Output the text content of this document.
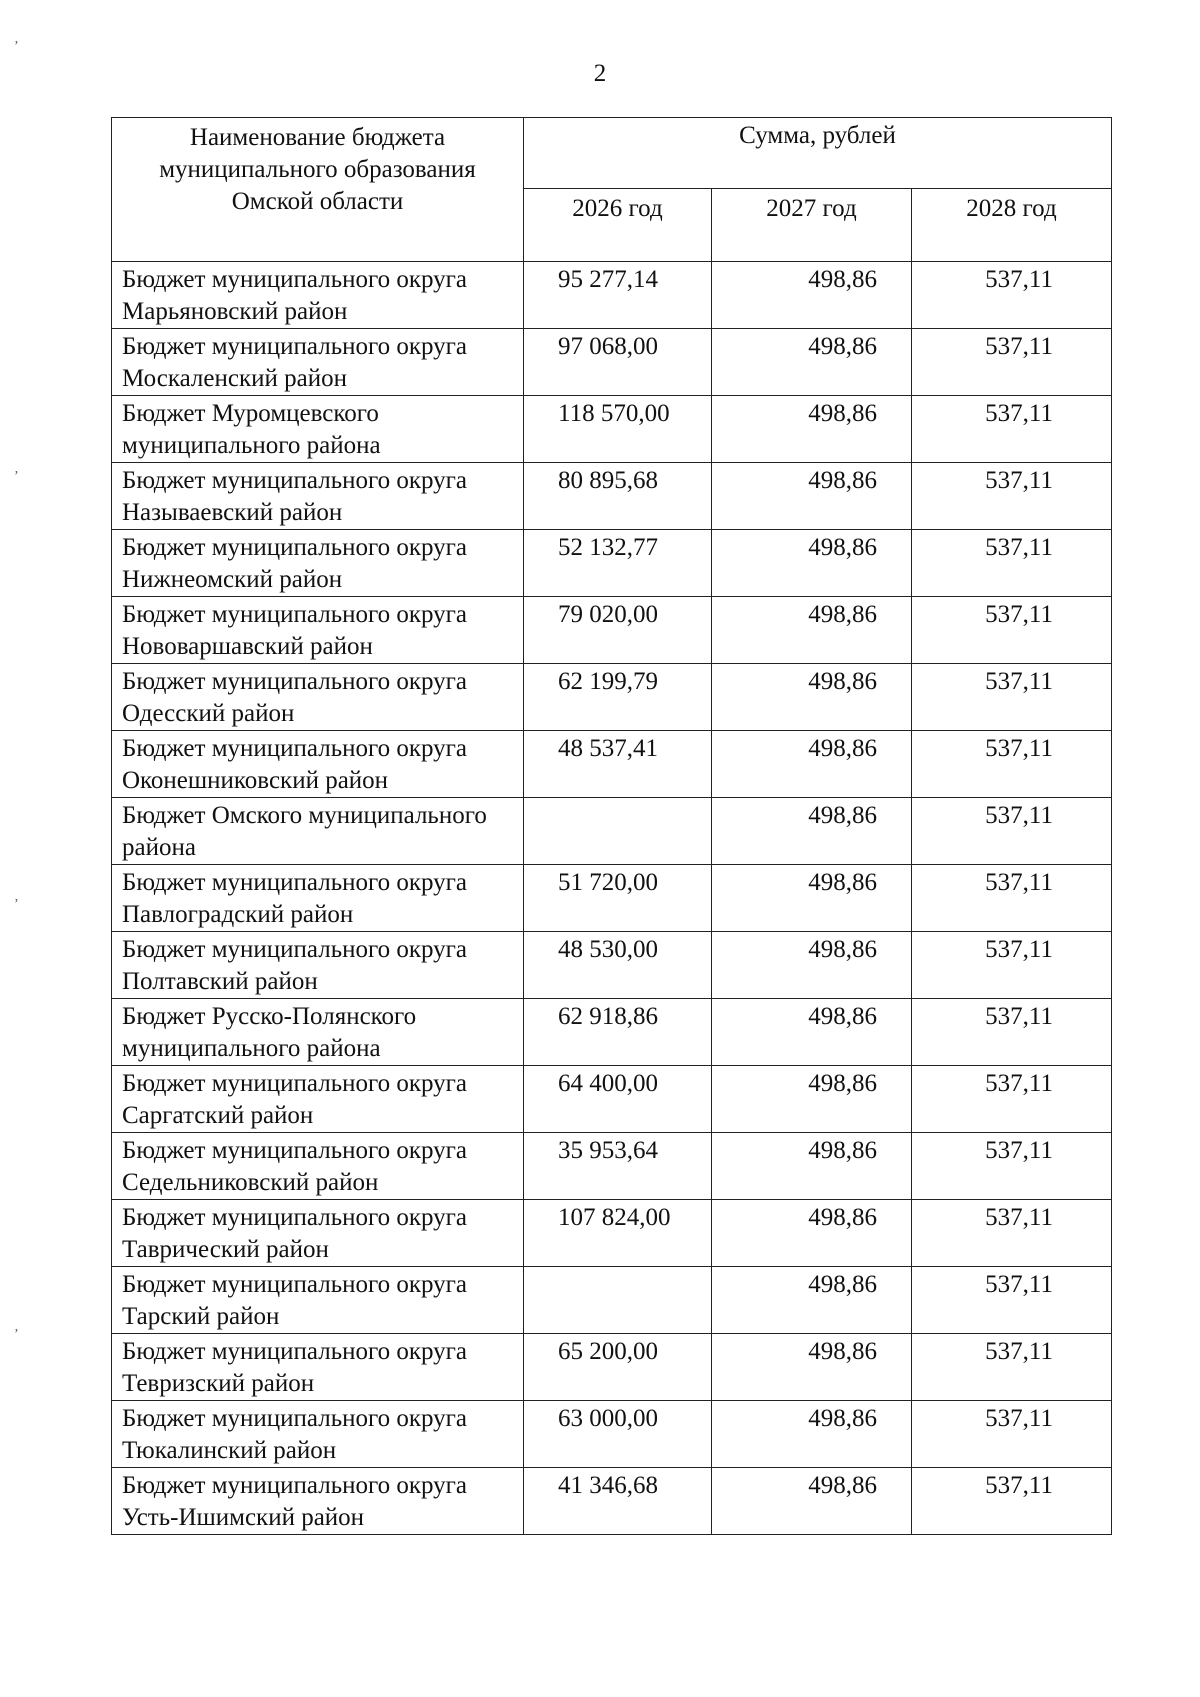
ʼ
ʼ
ʼ
ʼ
2
Наименование бюджета муниципального образования Омской области	Сумма, рублей		
	2026 год	2027 год	2028 год
Бюджет муниципального округа Марьяновский район	95 277,14	498,86	537,11
Бюджет муниципального округа Москаленский район	97 068,00	498,86	537,11
Бюджет Муромцевского муниципального района	118 570,00	498,86	537,11
Бюджет муниципального округа Называевский район	80 895,68	498,86	537,11
Бюджет муниципального округа Нижнеомский район	52 132,77	498,86	537,11
Бюджет муниципального округа Нововаршавский район	79 020,00	498,86	537,11
Бюджет муниципального округа Одесский район	62 199,79	498,86	537,11
Бюджет муниципального округа Оконешниковский район	48 537,41	498,86	537,11
Бюджет Омского муниципального района		498,86	537,11
Бюджет муниципального округа Павлоградский район	51 720,00	498,86	537,11
Бюджет муниципального округа Полтавский район	48 530,00	498,86	537,11
Бюджет Русско-Полянского муниципального района	62 918,86	498,86	537,11
Бюджет муниципального округа Саргатский район	64 400,00	498,86	537,11
Бюджет муниципального округа Седельниковский район	35 953,64	498,86	537,11
Бюджет муниципального округа Таврический район	107 824,00	498,86	537,11
Бюджет муниципального округа Тарский район		498,86	537,11
Бюджет муниципального округа Тевризский район	65 200,00	498,86	537,11
Бюджет муниципального округа Тюкалинский район	63 000,00	498,86	537,11
Бюджет муниципального округа Усть-Ишимский район	41 346,68	498,86	537,11
